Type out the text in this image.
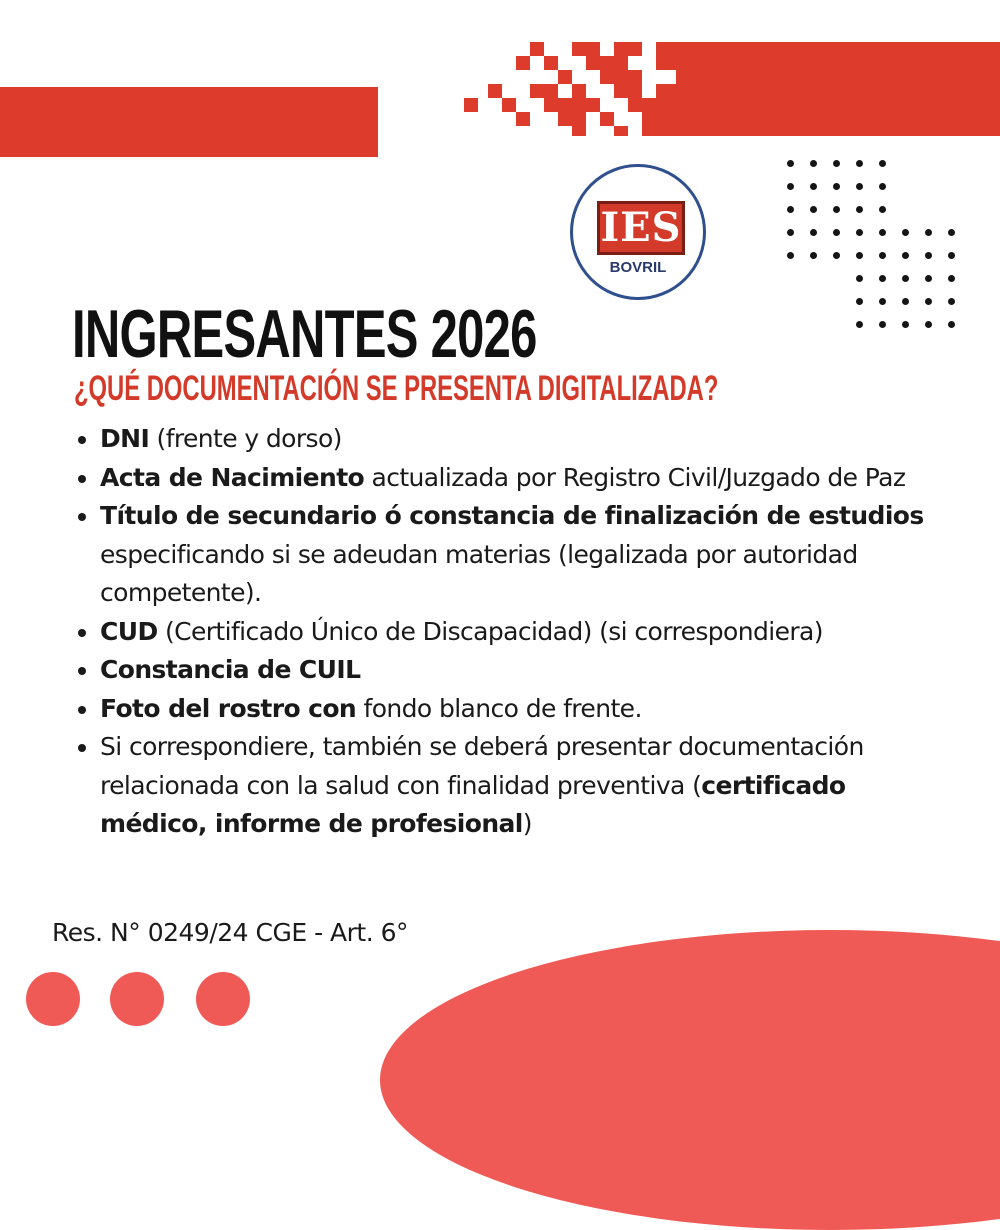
IES
BOVRIL
INGRESANTES 2026
¿QUÉ DOCUMENTACIÓN SE PRESENTA DIGITALIZADA?
DNI (frente y dorso)
Acta de Nacimiento actualizada por Registro Civil/Juzgado de Paz
Título de secundario ó constancia de finalización de estudios especificando si se adeudan materias (legalizada por autoridad competente).
CUD (Certificado Único de Discapacidad) (si correspondiera)
Constancia de CUIL
Foto del rostro con fondo blanco de frente.
Si correspondiere, también se deberá presentar documentación relacionada con la salud con finalidad preventiva (certificado médico, informe de profesional)

Res. N° 0249/24 CGE - Art. 6°
